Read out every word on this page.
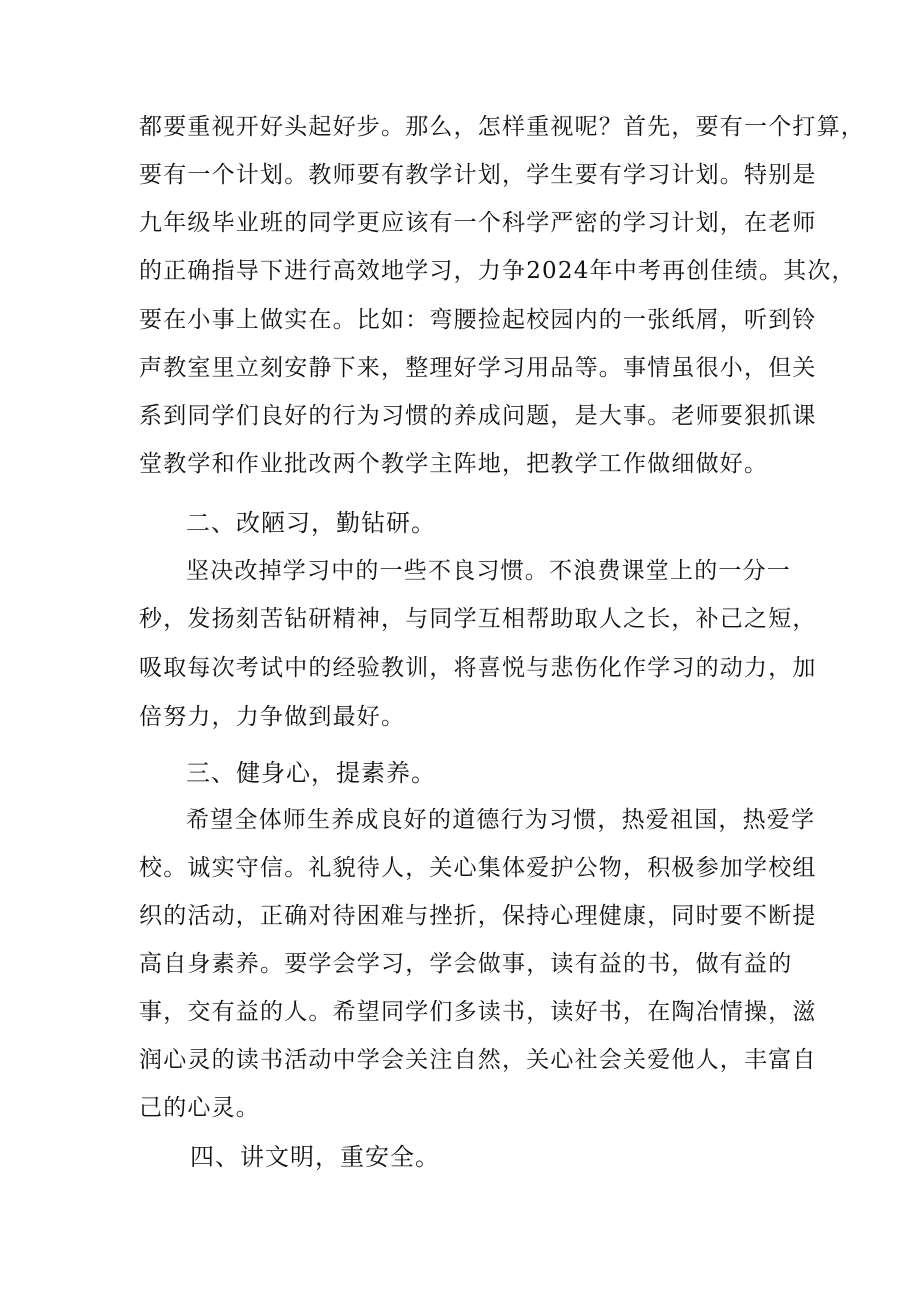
都要重视开好头起好步。那么，怎样重视呢？首先，要有一个打算，
要有一个计划。教师要有教学计划，学生要有学习计划。特别是
九年级毕业班的同学更应该有一个科学严密的学习计划，在老师
的正确指导下进行高效地学习，力争2024年中考再创佳绩。其次，
要在小事上做实在。比如：弯腰捡起校园内的一张纸屑，听到铃
声教室里立刻安静下来，整理好学习用品等。事情虽很小，但关
系到同学们良好的行为习惯的养成问题，是大事。老师要狠抓课
堂教学和作业批改两个教学主阵地，把教学工作做细做好。
二、改陋习，勤钻研。
坚决改掉学习中的一些不良习惯。不浪费课堂上的一分一
秒，发扬刻苦钻研精神，与同学互相帮助取人之长，补己之短，
吸取每次考试中的经验教训，将喜悦与悲伤化作学习的动力，加
倍努力，力争做到最好。
三、健身心，提素养。
希望全体师生养成良好的道德行为习惯，热爱祖国，热爱学
校。诚实守信。礼貌待人，关心集体爱护公物，积极参加学校组
织的活动，正确对待困难与挫折，保持心理健康，同时要不断提
高自身素养。要学会学习，学会做事，读有益的书，做有益的
事，交有益的人。希望同学们多读书，读好书，在陶冶情操，滋
润心灵的读书活动中学会关注自然，关心社会关爱他人，丰富自
己的心灵。
四、讲文明，重安全。
